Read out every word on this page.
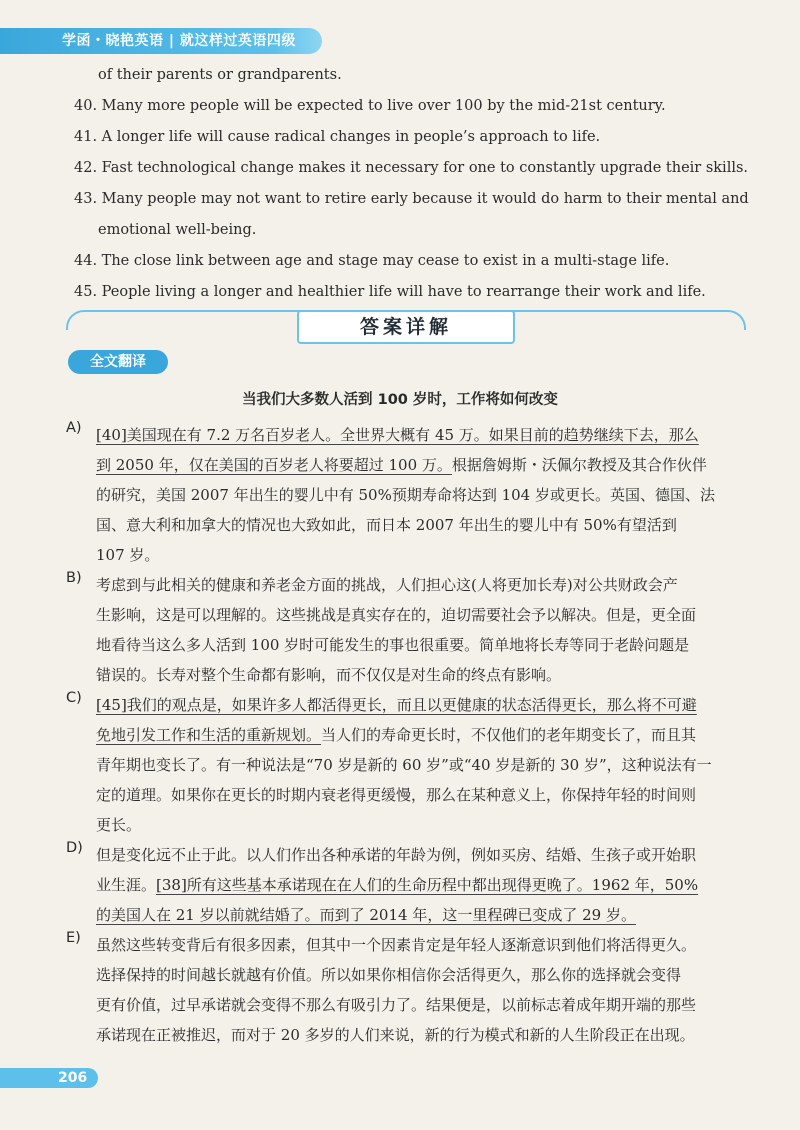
学函・晓艳英语 | 就这样过英语四级
of their parents or grandparents.
40. Many more people will be expected to live over 100 by the mid-21st century.
41. A longer life will cause radical changes in people’s approach to life.
42. Fast technological change makes it necessary for one to constantly upgrade their skills.
43. Many people may not want to retire early because it would do harm to their mental and
emotional well-being.
44. The close link between age and stage may cease to exist in a multi-stage life.
45. People living a longer and healthier life will have to rearrange their work and life.
答案详解
全文翻译
当我们大多数人活到 100 岁时，工作将如何改变
A) [40]美国现在有 7.2 万名百岁老人。全世界大概有 45 万。如果目前的趋势继续下去，那么
到 2050 年，仅在美国的百岁老人将要超过 100 万。根据詹姆斯・沃佩尔教授及其合作伙伴
的研究，美国 2007 年出生的婴儿中有 50%预期寿命将达到 104 岁或更长。英国、德国、法
国、意大利和加拿大的情况也大致如此，而日本 2007 年出生的婴儿中有 50%有望活到
107 岁。
B) 考虑到与此相关的健康和养老金方面的挑战，人们担心这(人将更加长寿)对公共财政会产
生影响，这是可以理解的。这些挑战是真实存在的，迫切需要社会予以解决。但是，更全面
地看待当这么多人活到 100 岁时可能发生的事也很重要。简单地将长寿等同于老龄问题是
错误的。长寿对整个生命都有影响，而不仅仅是对生命的终点有影响。
C) [45]我们的观点是，如果许多人都活得更长，而且以更健康的状态活得更长，那么将不可避
免地引发工作和生活的重新规划。当人们的寿命更长时，不仅他们的老年期变长了，而且其
青年期也变长了。有一种说法是“70 岁是新的 60 岁”或“40 岁是新的 30 岁”，这种说法有一
定的道理。如果你在更长的时期内衰老得更缓慢，那么在某种意义上，你保持年轻的时间则
更长。
D) 但是变化远不止于此。以人们作出各种承诺的年龄为例，例如买房、结婚、生孩子或开始职
业生涯。[38]所有这些基本承诺现在在人们的生命历程中都出现得更晚了。1962 年，50%
的美国人在 21 岁以前就结婚了。而到了 2014 年，这一里程碑已变成了 29 岁。
E) 虽然这些转变背后有很多因素，但其中一个因素肯定是年轻人逐渐意识到他们将活得更久。
选择保持的时间越长就越有价值。所以如果你相信你会活得更久，那么你的选择就会变得
更有价值，过早承诺就会变得不那么有吸引力了。结果便是，以前标志着成年期开端的那些
承诺现在正被推迟，而对于 20 多岁的人们来说，新的行为模式和新的人生阶段正在出现。
206
